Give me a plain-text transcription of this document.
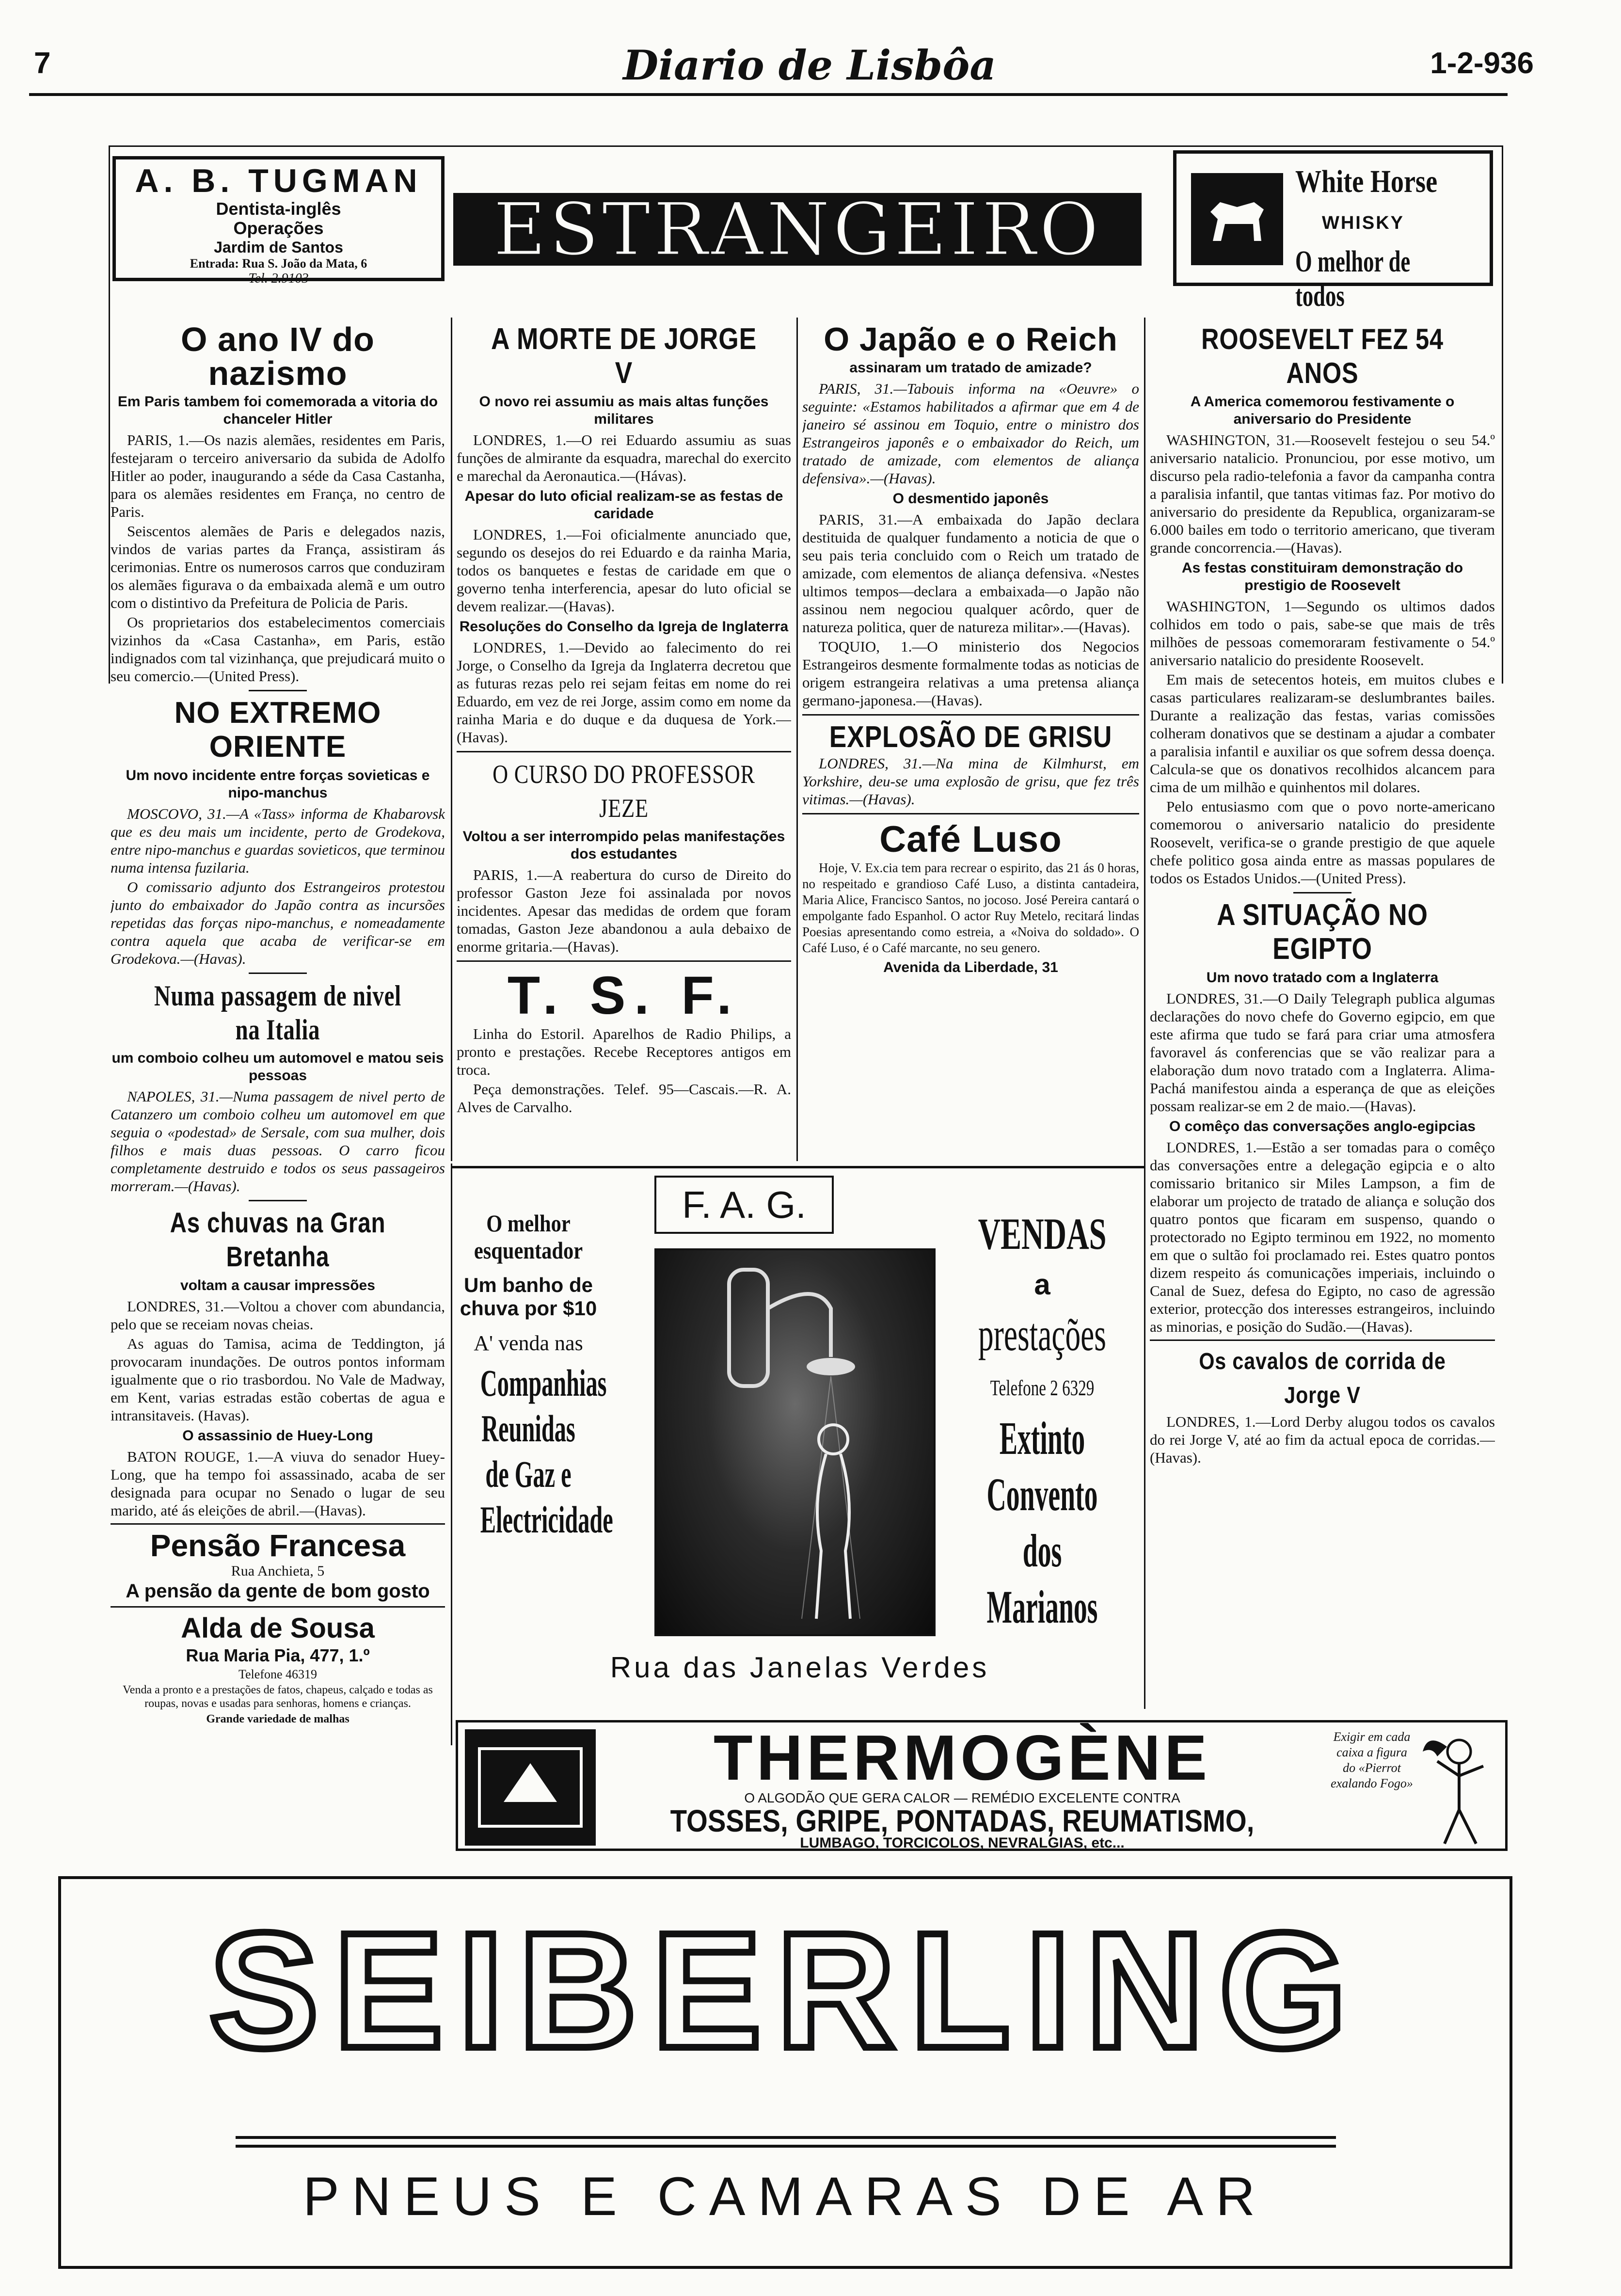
7	Diario de Lisbôa	1-2-936
A. B. TUGMAN
Dentista-inglês
Operações
Jardim de Santos
Entrada: Rua S. João da Mata, 6
Tel. 2.9103
ESTRANGEIRO
White Horse
WHISKY
O melhor de todos
O ano IV do nazismo
Em Paris tambem foi comemorada a vitoria do chanceler Hitler

PARIS, 1.—Os nazis alemães, residentes em Paris, festejaram o terceiro aniversario da subida de Adolfo Hitler ao poder, inaugurando a séde da Casa Castanha, para os alemães residentes em França, no centro de Paris.

Seiscentos alemães de Paris e delegados nazis, vindos de varias partes da França, assistiram ás cerimonias. Entre os numerosos carros que conduziram os alemães figurava o da embaixada alemã e um outro com o distintivo da Prefeitura de Policia de Paris.

Os proprietarios dos estabelecimentos comerciais vizinhos da «Casa Castanha», em Paris, estão indignados com tal vizinhança, que prejudicará muito o seu comercio.—(United Press).

NO EXTREMO ORIENTE
Um novo incidente entre forças sovieticas e nipo-manchus

MOSCOVO, 31.—A «Tass» informa de Khabarovsk que es deu mais um incidente, perto de Grodekova, entre nipo-manchus e guardas sovieticos, que terminou numa intensa fuzilaria.

O comissario adjunto dos Estrangeiros protestou junto do embaixador do Japão contra as incursões repetidas das forças nipo-manchus, e nomeadamente contra aquela que acaba de verificar-se em Grodekova.—(Havas).

Numa passagem de nivel na Italia
um comboio colheu um automovel e matou seis pessoas

NAPOLES, 31.—Numa passagem de nivel perto de Catanzero um comboio colheu um automovel em que seguia o «podestad» de Sersale, com sua mulher, dois filhos e mais duas pessoas. O carro ficou completamente destruido e todos os seus passageiros morreram.—(Havas).

As chuvas na Gran Bretanha
voltam a causar impressões

LONDRES, 31.—Voltou a chover com abundancia, pelo que se receiam novas cheias.

As aguas do Tamisa, acima de Teddington, já provocaram inundações. De outros pontos informam igualmente que o rio trasbordou. No Vale de Madway, em Kent, varias estradas estão cobertas de agua e intransitaveis. (Havas).

O assassinio de Huey-Long

BATON ROUGE, 1.—A viuva do senador Huey-Long, que ha tempo foi assassinado, acaba de ser designada para ocupar no Senado o lugar de seu marido, até ás eleições de abril.—(Havas).

Pensão Francesa
Rua Anchieta, 5
A pensão da gente de bom gosto
Alda de Sousa
Rua Maria Pia, 477, 1.º
Telefone 46319
Venda a pronto e a prestações de fatos, chapeus, calçado e todas as roupas, novas e usadas para senhoras, homens e crianças.
Grande variedade de malhas
A MORTE DE JORGE V
O novo rei assumiu as mais altas funções militares

LONDRES, 1.—O rei Eduardo assumiu as suas funções de almirante da esquadra, marechal do exercito e marechal da Aeronautica.—(Hávas).

Apesar do luto oficial realizam-se as festas de caridade

LONDRES, 1.—Foi oficialmente anunciado que, segundo os desejos do rei Eduardo e da rainha Maria, todos os banquetes e festas de caridade em que o governo tenha interferencia, apesar do luto oficial se devem realizar.—(Havas).

Resoluções do Conselho da Igreja de Inglaterra

LONDRES, 1.—Devido ao falecimento do rei Jorge, o Conselho da Igreja da Inglaterra decretou que as futuras rezas pelo rei sejam feitas em nome do rei Eduardo, em vez de rei Jorge, assim como em nome da rainha Maria e do duque e da duquesa de York.—(Havas).

O CURSO DO PROFESSOR JEZE
Voltou a ser interrompido pelas manifestações dos estudantes

PARIS, 1.—A reabertura do curso de Direito do professor Gaston Jeze foi assinalada por novos incidentes. Apesar das medidas de ordem que foram tomadas, Gaston Jeze abandonou a aula debaixo de enorme gritaria.—(Havas).

T. S. F.

Linha do Estoril. Aparelhos de Radio Philips, a pronto e prestações. Recebe Receptores antigos em troca.

Peça demonstrações. Telef. 95—Cascais.—R. A. Alves de Carvalho.

O Japão e o Reich
assinaram um tratado de amizade?

PARIS, 31.—Tabouis informa na «Oeuvre» o seguinte: «Estamos habilitados a afirmar que em 4 de janeiro sé assinou em Toquio, entre o ministro dos Estrangeiros japonês e o embaixador do Reich, um tratado de amizade, com elementos de aliança defensiva».—(Havas).

O desmentido japonês

PARIS, 31.—A embaixada do Japão declara destituida de qualquer fundamento a noticia de que o seu pais teria concluido com o Reich um tratado de amizade, com elementos de aliança defensiva. «Nestes ultimos tempos—declara a embaixada—o Japão não assinou nem negociou qualquer acôrdo, quer de natureza politica, quer de natureza militar».—(Havas).

TOQUIO, 1.—O ministerio dos Negocios Estrangeiros desmente formalmente todas as noticias de origem estrangeira relativas a uma pretensa aliança germano-japonesa.—(Havas).

EXPLOSÃO DE GRISU

LONDRES, 31.—Na mina de Kilmhurst, em Yorkshire, deu-se uma explosão de grisu, que fez três vitimas.—(Havas).

Café Luso

Hoje, V. Ex.cia tem para recrear o espirito, das 21 ás 0 horas, no respeitado e grandioso Café Luso, a distinta cantadeira, Maria Alice, Francisco Santos, no jocoso. José Pereira cantará o empolgante fado Espanhol. O actor Ruy Metelo, recitará lindas Poesias apresentando como estreia, a «Noiva do soldado». O Café Luso, é o Café marcante, no seu genero.

Avenida da Liberdade, 31
ROOSEVELT FEZ 54 ANOS
A America comemorou festivamente o aniversario do Presidente

WASHINGTON, 31.—Roosevelt festejou o seu 54.º aniversario natalicio. Pronunciou, por esse motivo, um discurso pela radio-telefonia a favor da campanha contra a paralisia infantil, que tantas vitimas faz. Por motivo do aniversario do presidente da Republica, organizaram-se 6.000 bailes em todo o territorio americano, que tiveram grande concorrencia.—(Havas).

As festas constituiram demonstração do prestigio de Roosevelt

WASHINGTON, 1—Segundo os ultimos dados colhidos em todo o pais, sabe-se que mais de três milhões de pessoas comemoraram festivamente o 54.º aniversario natalicio do presidente Roosevelt.

Em mais de setecentos hoteis, em muitos clubes e casas particulares realizaram-se deslumbrantes bailes. Durante a realização das festas, varias comissões colheram donativos que se destinam a ajudar a combater a paralisia infantil e auxiliar os que sofrem dessa doença. Calcula-se que os donativos recolhidos alcancem para cima de um milhão e quinhentos mil dolares.

Pelo entusiasmo com que o povo norte-americano comemorou o aniversario natalicio do presidente Roosevelt, verifica-se o grande prestigio de que aquele chefe politico gosa ainda entre as massas populares de todos os Estados Unidos.—(United Press).

A SITUAÇÃO NO EGIPTO
Um novo tratado com a Inglaterra

LONDRES, 31.—O Daily Telegraph publica algumas declarações do novo chefe do Governo egipcio, em que este afirma que tudo se fará para criar uma atmosfera favoravel ás conferencias que se vão realizar para a elaboração dum novo tratado com a Inglaterra. Alima-Pachá manifestou ainda a esperança de que as eleições possam realizar-se em 2 de maio.—(Havas).

O comêço das conversações anglo-egipcias

LONDRES, 1.—Estão a ser tomadas para o comêço das conversações entre a delegação egipcia e o alto comissario britanico sir Miles Lampson, a fim de elaborar um projecto de tratado de aliança e solução dos quatro pontos que ficaram em suspenso, quando o protectorado no Egipto terminou em 1922, no momento em que o sultão foi proclamado rei. Estes quatro pontos dizem respeito ás comunicações imperiais, incluindo o Canal de Suez, defesa do Egipto, no caso de agressão exterior, protecção dos interesses estrangeiros, incluindo as minorias, e posição do Sudão.—(Havas).

Os cavalos de corrida de Jorge V

LONDRES, 1.—Lord Derby alugou todos os cavalos do rei Jorge V, até ao fim da actual epoca de corridas.—(Havas).

O melhor esquentador
Um banho de chuva por $10
A' venda nas
Companhias Reunidas de Gaz e Electricidade
F. A. G.
VENDAS
a
prestações
Telefone 2 6329
Extinto Convento dos Marianos
Rua das Janelas Verdes
THERMOGÈNE
O ALGODÃO QUE GERA CALOR — REMÉDIO EXCELENTE CONTRA
TOSSES, GRIPE, PONTADAS, REUMATISMO,
LUMBAGO, TORCICOLOS, NEVRALGIAS, etc...
Exigir em cada caixa a figura do «Pierrot exalando Fogo»
SEIBERLING
PNEUS E CAMARAS DE AR
